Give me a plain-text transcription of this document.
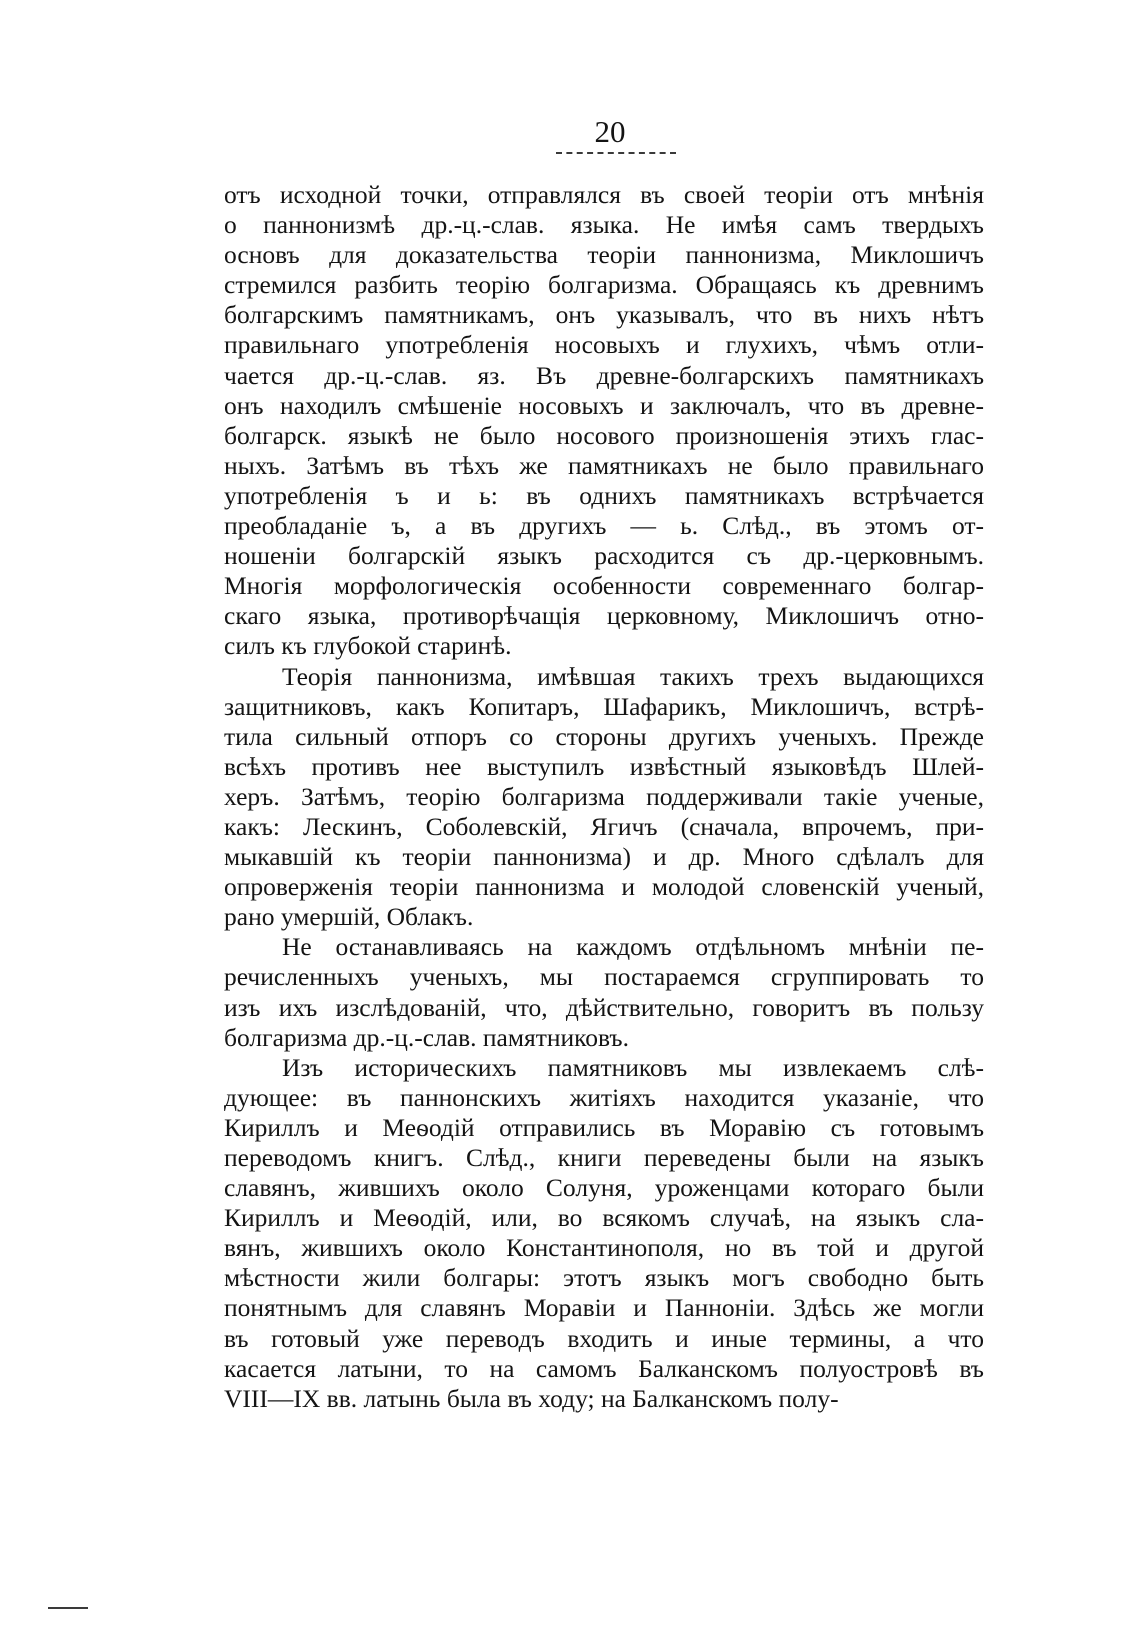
20
отъ исходной точки, отправлялся въ своей теоріи отъ мнѣнія
о паннонизмѣ др.-ц.-слав. языка. Не имѣя самъ твердыхъ
основъ для доказательства теоріи паннонизма, Миклошичъ
стремился разбить теорію болгаризма. Обращаясь къ древнимъ
болгарскимъ памятникамъ, онъ указывалъ, что въ нихъ нѣтъ
правильнаго употребленія носовыхъ и глухихъ, чѣмъ отли-
чается др.-ц.-слав. яз. Въ древне-болгарскихъ памятникахъ
онъ находилъ смѣшеніе носовыхъ и заключалъ, что въ древне-
болгарск. языкѣ не было носового произношенія этихъ глас-
ныхъ. Затѣмъ въ тѣхъ же памятникахъ не было правильнаго
употребленія ъ и ь: въ однихъ памятникахъ встрѣчается
преобладаніе ъ, а въ другихъ — ь. Слѣд., въ этомъ от-
ношеніи болгарскій языкъ расходится съ др.-церковнымъ.
Многія морфологическія особенности современнаго болгар-
скаго языка, противорѣчащія церковному, Миклошичъ отно-
силъ къ глубокой старинѣ.
Теорія паннонизма, имѣвшая такихъ трехъ выдающихся
защитниковъ, какъ Копитаръ, Шафарикъ, Миклошичъ, встрѣ-
тила сильный отпоръ со стороны другихъ ученыхъ. Прежде
всѣхъ противъ нее выступилъ извѣстный языковѣдъ Шлей-
херъ. Затѣмъ, теорію болгаризма поддерживали такіе ученые,
какъ: Лескинъ, Соболевскій, Ягичъ (сначала, впрочемъ, при-
мыкавшій къ теоріи паннонизма) и др. Много сдѣлалъ для
опроверженія теоріи паннонизма и молодой словенскій ученый,
рано умершій, Облакъ.
Не останавливаясь на каждомъ отдѣльномъ мнѣніи пе-
речисленныхъ ученыхъ, мы постараемся сгруппировать то
изъ ихъ изслѣдованій, что, дѣйствительно, говоритъ въ пользу
болгаризма др.-ц.-слав. памятниковъ.
Изъ историческихъ памятниковъ мы извлекаемъ слѣ-
дующее: въ паннонскихъ житіяхъ находится указаніе, что
Кириллъ и Меѳодій отправились въ Моравію съ готовымъ
переводомъ книгъ. Слѣд., книги переведены были на языкъ
славянъ, жившихъ около Солуня, уроженцами котораго были
Кириллъ и Меѳодій, или, во всякомъ случаѣ, на языкъ сла-
вянъ, жившихъ около Константинополя, но въ той и другой
мѣстности жили болгары: этотъ языкъ могъ свободно быть
понятнымъ для славянъ Моравіи и Панноніи. Здѣсь же могли
въ готовый уже переводъ входить и иные термины, а что
касается латыни, то на самомъ Балканскомъ полуостровѣ въ
VIII—IX вв. латынь была въ ходу; на Балканскомъ полу-
